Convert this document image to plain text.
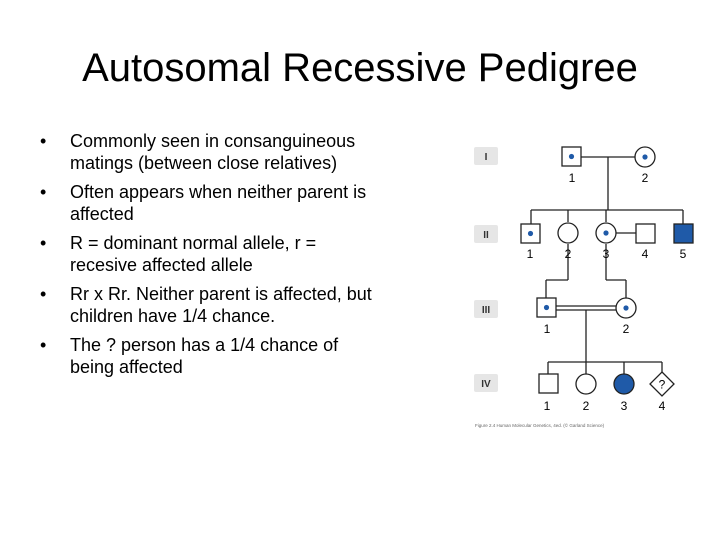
Autosomal Recessive Pedigree
•	Commonly seen in consanguineous matings (between close relatives)
•	Often appears when neither parent is affected
•	R = dominant normal allele, r = recesive affected allele
•	Rr x Rr. Neither parent is affected, but children have 1/4 chance.
•	The ? person has a 1/4 chance of being affected
I
II
III
IV
1	2
1	2	3	4	5
1	2
?
1	2	3	4
Figure 2.4 Human Molecular Genetics, 4ed. (© Garland Science)
